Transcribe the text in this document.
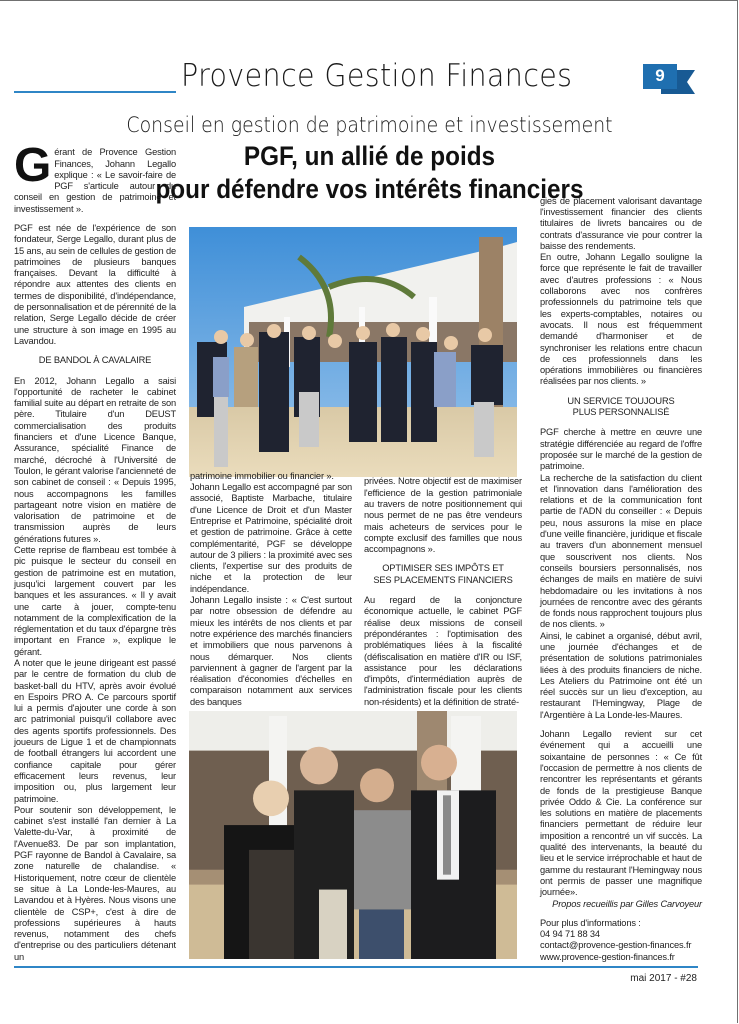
Provence Gestion Finances	9
Conseil en gestion de patrimoine et investissement
PGF, un allié de poids
pour défendre vos intérêts financiers

Gérant de Provence Gestion Finances, Johann Legallo explique : « Le savoir-faire de PGF s'articule autour du conseil en gestion de patrimoine et investissement ».

PGF est née de l'expérience de son fondateur, Serge Legallo, durant plus de 15 ans, au sein de cellules de gestion de patrimoines de plusieurs banques françaises. Devant la difficulté à répondre aux attentes des clients en termes de disponibilité, d'indépendance, de personnalisation et de pérennité de la relation, Serge Legallo décide de créer une structure à son image en 1995 au Lavandou.

DE BANDOL À CAVALAIRE

En 2012, Johann Legallo a saisi l'opportunité de racheter le cabinet familial suite au départ en retraite de son père. Titulaire d'un DEUST commercialisation des produits financiers et d'une Licence Banque, Assurance, spécialité Finance de marché, décroché à l'Université de Toulon, le gérant valorise l'ancienneté de son cabinet de conseil : « Depuis 1995, nous accompagnons les familles partageant notre vision en matière de valorisation de patrimoine et de transmission auprès de leurs générations futures ».

Cette reprise de flambeau est tombée à pic puisque le secteur du conseil en gestion de patrimoine est en mutation, jusqu'ici largement couvert par les banques et les assurances. « Il y avait une carte à jouer, compte-tenu notamment de la complexification de la réglementation et du taux d'épargne très important en France », explique le gérant.

A noter que le jeune dirigeant est passé par le centre de formation du club de basket-ball du HTV, après avoir évolué en Espoirs PRO A. Ce parcours sportif lui a permis d'ajouter une corde à son arc patrimonial puisqu'il collabore avec des agents sportifs professionnels. Des joueurs de Ligue 1 et de championnats de football étrangers lui accordent une confiance capitale pour gérer efficacement leurs revenus, leur imposition ou, plus largement leur patrimoine.

Pour soutenir son développement, le cabinet s'est installé l'an dernier à La Valette-du-Var, à proximité de l'Avenue83. De par son implantation, PGF rayonne de Bandol à Cavalaire, sa zone naturelle de chalandise. « Historiquement, notre cœur de clientèle se situe à La Londe-les-Maures, au Lavandou et à Hyères. Nous visons une clientèle de CSP+, c'est à dire de professions supérieures à hauts revenus, notamment des chefs d'entreprise ou des particuliers détenant un

patrimoine immobilier ou financier ».

Johann Legallo est accompagné par son associé, Baptiste Marbache, titulaire d'une Licence de Droit et d'un Master Entreprise et Patrimoine, spécialité droit et gestion de patrimoine. Grâce à cette complémentarité, PGF se développe autour de 3 piliers : la proximité avec ses clients, l'expertise sur des produits de niche et la protection de leur indépendance.

Johann Legallo insiste : « C'est surtout par notre obsession de défendre au mieux les intérêts de nos clients et par notre expérience des marchés financiers et immobiliers que nous parvenons à nous démarquer. Nos clients parviennent à gagner de l'argent par la réalisation d'économies d'échelles en comparaison notamment aux services des banques

privées. Notre objectif est de maximiser l'efficience de la gestion patrimoniale au travers de notre positionnement qui nous permet de ne pas être vendeurs mais acheteurs de services pour le compte exclusif des familles que nous accompagnons ».

OPTIMISER SES IMPÔTS ET
SES PLACEMENTS FINANCIERS

Au regard de la conjoncture économique actuelle, le cabinet PGF réalise deux missions de conseil prépondérantes : l'optimisation des problématiques liées à la fiscalité (défiscalisation en matière d'IR ou ISF, assistance pour les déclarations d'impôts, d'intermédiation auprès de l'administration fiscale pour les clients non-résidents) et la définition de straté-

gies de placement valorisant davantage l'investissement financier des clients titulaires de livrets bancaires ou de contrats d'assurance vie pour contrer la baisse des rendements.

En outre, Johann Legallo souligne la force que représente le fait de travailler avec d'autres professions : « Nous collaborons avec nos confrères professionnels du patrimoine tels que les experts-comptables, notaires ou avocats. Il nous est fréquemment demandé d'harmoniser et de synchroniser les relations entre chacun de ces professionnels dans les opérations immobilières ou financières réalisées par nos clients. »

UN SERVICE TOUJOURS
PLUS PERSONNALISÉ

PGF cherche à mettre en œuvre une stratégie différenciée au regard de l'offre proposée sur le marché de la gestion de patrimoine.

La recherche de la satisfaction du client et l'innovation dans l'amélioration des relations et de la communication font partie de l'ADN du conseiller : « Depuis peu, nous assurons la mise en place d'une veille financière, juridique et fiscale au travers d'un abonnement mensuel que souscrivent nos clients. Nos conseils boursiers personnalisés, nos échanges de mails en matière de suivi hebdomadaire ou les invitations à nos journées de rencontre avec des gérants de fonds nous rapprochent toujours plus de nos clients. »

Ainsi, le cabinet a organisé, début avril, une journée d'échanges et de présentation de solutions patrimoniales liées à des produits financiers de niche. Les Ateliers du Patrimoine ont été un réel succès sur un lieu d'exception, au restaurant l'Hemingway, Plage de l'Argentière à La Londe-les-Maures.

Johann Legallo revient sur cet événement qui a accueilli une soixantaine de personnes : « Ce fût l'occasion de permettre à nos clients de rencontrer les représentants et gérants de fonds de la prestigieuse Banque privée Oddo & Cie. La conférence sur les solutions en matière de placements financiers permettant de réduire leur imposition a rencontré un vif succès. La qualité des intervenants, la beauté du lieu et le service irréprochable et haut de gamme du restaurant l'Hemingway nous ont permis de passer une magnifique journée».

Propos recueillis par Gilles Carvoyeur

Pour plus d'informations :
04 94 71 88 34
contact@provence-gestion-finances.fr
www.provence-gestion-finances.fr
mai 2017 - #28
